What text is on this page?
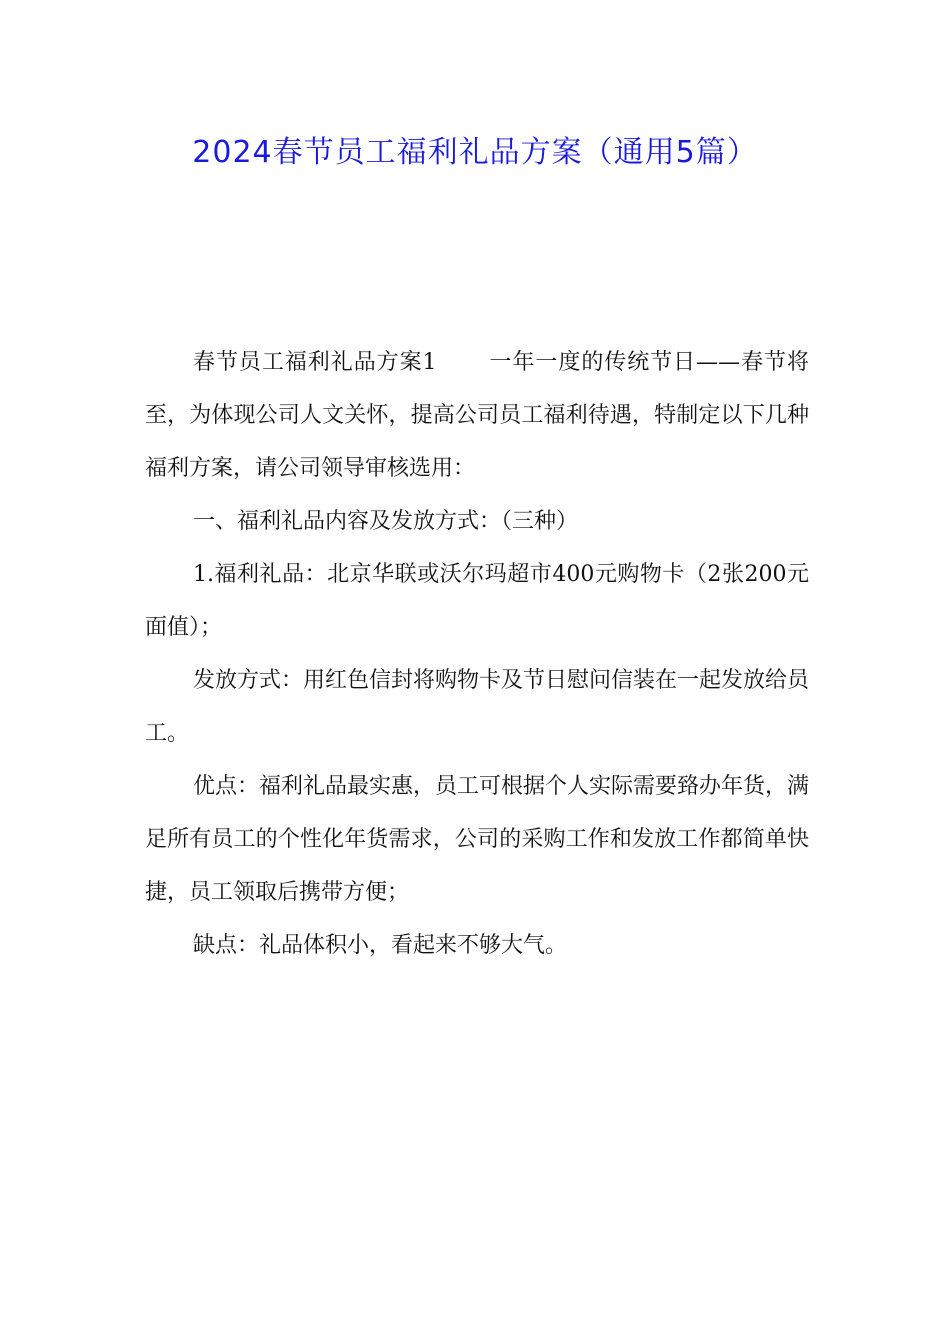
2024春节员工福利礼品方案（通用5篇）

春节员工福利礼品方案1 一年一度的传统节日——春节将至，为体现公司人文关怀，提高公司员工福利待遇，特制定以下几种福利方案，请公司领导审核选用：

一、福利礼品内容及发放方式：（三种）

1.福利礼品：北京华联或沃尔玛超市400元购物卡（2张200元面值）；

发放方式：用红色信封将购物卡及节日慰问信装在一起发放给员工。

优点：福利礼品最实惠，员工可根据个人实际需要臵办年货，满足所有员工的个性化年货需求，公司的采购工作和发放工作都简单快捷，员工领取后携带方便；

缺点：礼品体积小，看起来不够大气。
